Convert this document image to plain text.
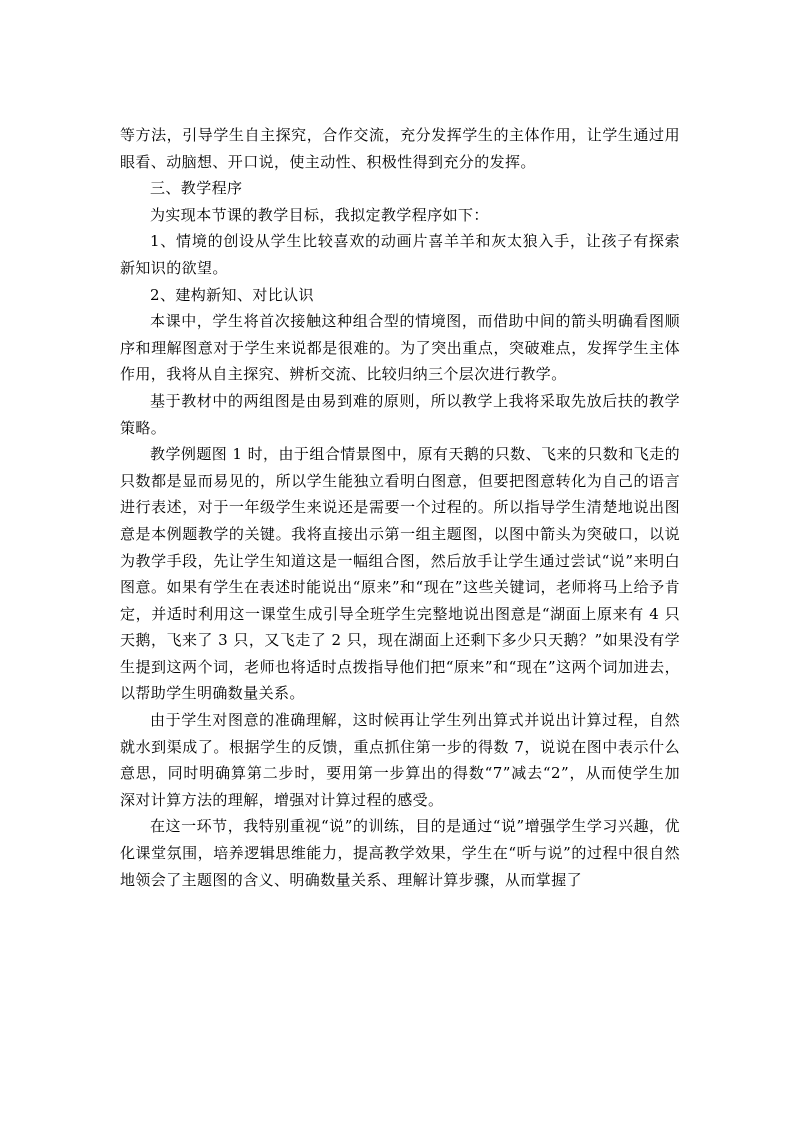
等方法，引导学生自主探究，合作交流，充分发挥学生的主体作用，让学生通过用眼看、动脑想、开口说，使主动性、积极性得到充分的发挥。

三、教学程序

为实现本节课的教学目标，我拟定教学程序如下：

1、情境的创设从学生比较喜欢的动画片喜羊羊和灰太狼入手，让孩子有探索新知识的欲望。

2、建构新知、对比认识

本课中，学生将首次接触这种组合型的情境图，而借助中间的箭头明确看图顺序和理解图意对于学生来说都是很难的。为了突出重点，突破难点，发挥学生主体作用，我将从自主探究、辨析交流、比较归纳三个层次进行教学。

基于教材中的两组图是由易到难的原则，所以教学上我将采取先放后扶的教学策略。

教学例题图 1 时，由于组合情景图中，原有天鹅的只数、飞来的只数和飞走的只数都是显而易见的，所以学生能独立看明白图意，但要把图意转化为自己的语言进行表述，对于一年级学生来说还是需要一个过程的。所以指导学生清楚地说出图意是本例题教学的关键。我将直接出示第一组主题图，以图中箭头为突破口，以说为教学手段，先让学生知道这是一幅组合图，然后放手让学生通过尝试“说”来明白图意。如果有学生在表述时能说出“原来”和“现在”这些关键词，老师将马上给予肯定，并适时利用这一课堂生成引导全班学生完整地说出图意是“湖面上原来有 4 只天鹅，飞来了 3 只，又飞走了 2 只，现在湖面上还剩下多少只天鹅？”如果没有学生提到这两个词，老师也将适时点拨指导他们把“原来”和“现在”这两个词加进去，以帮助学生明确数量关系。

由于学生对图意的准确理解，这时候再让学生列出算式并说出计算过程，自然就水到渠成了。根据学生的反馈，重点抓住第一步的得数 7，说说在图中表示什么意思，同时明确算第二步时，要用第一步算出的得数“7”减去“2”，从而使学生加深对计算方法的理解，增强对计算过程的感受。

在这一环节，我特别重视“说”的训练，目的是通过“说”增强学生学习兴趣，优化课堂氛围，培养逻辑思维能力，提高教学效果，学生在“听与说”的过程中很自然地领会了主题图的含义、明确数量关系、理解计算步骤，从而掌握了
